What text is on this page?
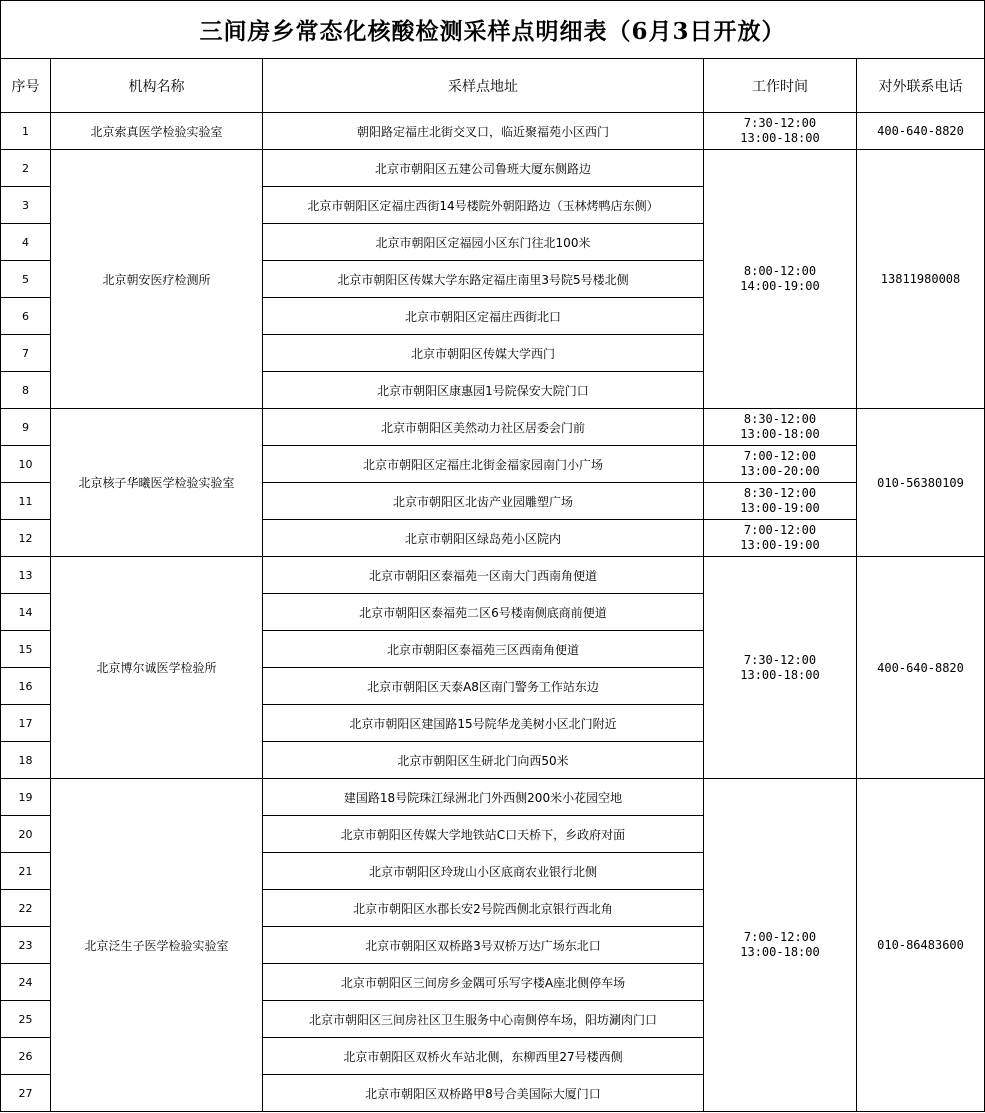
三间房乡常态化核酸检测采样点明细表（6月3日开放）				
序号	机构名称	采样点地址	工作时间	对外联系电话
1	北京索真医学检验实验室	朝阳路定福庄北街交叉口，临近聚福苑小区西门	7:30-12:00
13:00-18:00	400-640-8820
2	北京朝安医疗检测所	北京市朝阳区五建公司鲁班大厦东侧路边	8:00-12:00
14:00-19:00	13811980008
3		北京市朝阳区定福庄西街14号楼院外朝阳路边（玉林烤鸭店东侧）		
4		北京市朝阳区定福园小区东门往北100米		
5		北京市朝阳区传媒大学东路定福庄南里3号院5号楼北侧		
6		北京市朝阳区定福庄西街北口		
7		北京市朝阳区传媒大学西门		
8		北京市朝阳区康惠园1号院保安大院门口		
9	北京核子华曦医学检验实验室	北京市朝阳区美然动力社区居委会门前	8:30-12:00
13:00-18:00	010-56380109
10		北京市朝阳区定福庄北街金福家园南门小广场	7:00-12:00
13:00-20:00	

11		北京市朝阳区北齿产业园雕塑广场	8:30-12:00
13:00-19:00	

12		北京市朝阳区绿岛苑小区院内	7:00-12:00
13:00-19:00	

13	北京博尔诚医学检验所	北京市朝阳区泰福苑一区南大门西南角便道	7:30-12:00
13:00-18:00	400-640-8820
14		北京市朝阳区泰福苑二区6号楼南侧底商前便道		
15		北京市朝阳区泰福苑三区西南角便道		
16		北京市朝阳区天泰A8区南门警务工作站东边		
17		北京市朝阳区建国路15号院华龙美树小区北门附近		
18		北京市朝阳区生研北门向西50米		
19	北京泛生子医学检验实验室	建国路18号院珠江绿洲北门外西侧200米小花园空地	7:00-12:00
13:00-18:00	010-86483600
20		北京市朝阳区传媒大学地铁站C口天桥下，乡政府对面		
21		北京市朝阳区玲珑山小区底商农业银行北侧		
22		北京市朝阳区水郡长安2号院西侧北京银行西北角		
23		北京市朝阳区双桥路3号双桥万达广场东北口		
24		北京市朝阳区三间房乡金隅可乐写字楼A座北侧停车场		
25		北京市朝阳区三间房社区卫生服务中心南侧停车场，阳坊涮肉门口		
26		北京市朝阳区双桥火车站北侧，东柳西里27号楼西侧		
27		北京市朝阳区双桥路甲8号合美国际大厦门口		
